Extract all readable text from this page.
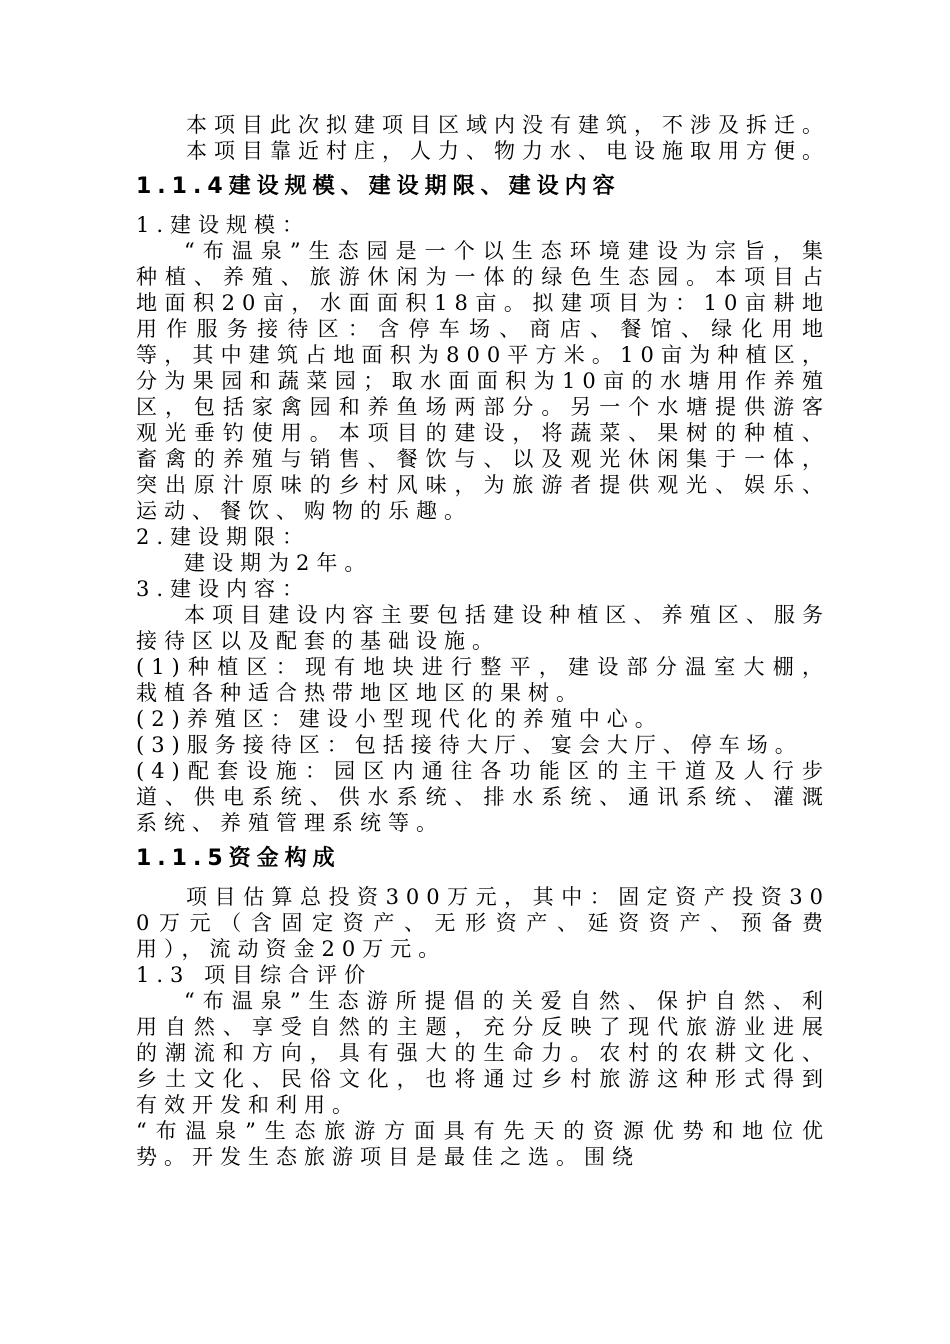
本项目此次拟建项目区域内没有建筑，不涉及拆迁。

本项目靠近村庄，人力、物力水、电设施取用方便。

1.1.4建设规模、建设期限、建设内容

1.建设规模：

“布温泉”生态园是一个以生态环境建设为宗旨，集种植、养殖、旅游休闲为一体的绿色生态园。本项目占地面积20亩，水面面积18亩。拟建项目为：10亩耕地用作服务接待区：含停车场、商店、餐馆、绿化用地等，其中建筑占地面积为800平方米。10亩为种植区，分为果园和蔬菜园；取水面面积为10亩的水塘用作养殖区，包括家禽园和养鱼场两部分。另一个水塘提供游客观光垂钓使用。本项目的建设，将蔬菜、果树的种植、畜禽的养殖与销售、餐饮与、以及观光休闲集于一体，突出原汁原味的乡村风味，为旅游者提供观光、娱乐、运动、餐饮、购物的乐趣。

2.建设期限：

建设期为2年。

3.建设内容：

本项目建设内容主要包括建设种植区、养殖区、服务接待区以及配套的基础设施。

(1)种植区：现有地块进行整平，建设部分温室大棚，栽植各种适合热带地区地区的果树。

(2)养殖区：建设小型现代化的养殖中心。

(3)服务接待区：包括接待大厅、宴会大厅、停车场。

(4)配套设施：园区内通往各功能区的主干道及人行步道、供电系统、供水系统、排水系统、通讯系统、灌溉系统、养殖管理系统等。

1.1.5资金构成

项目估算总投资300万元，其中：固定资产投资300万元（含固定资产、无形资产、延资资产、预备费用），流动资金20万元。

1.3 项目综合评价

“布温泉”生态游所提倡的关爱自然、保护自然、利用自然、享受自然的主题，充分反映了现代旅游业进展的潮流和方向，具有强大的生命力。农村的农耕文化、乡土文化、民俗文化，也将通过乡村旅游这种形式得到有效开发和利用。

“布温泉”生态旅游方面具有先天的资源优势和地位优势。开发生态旅游项目是最佳之选。围绕
